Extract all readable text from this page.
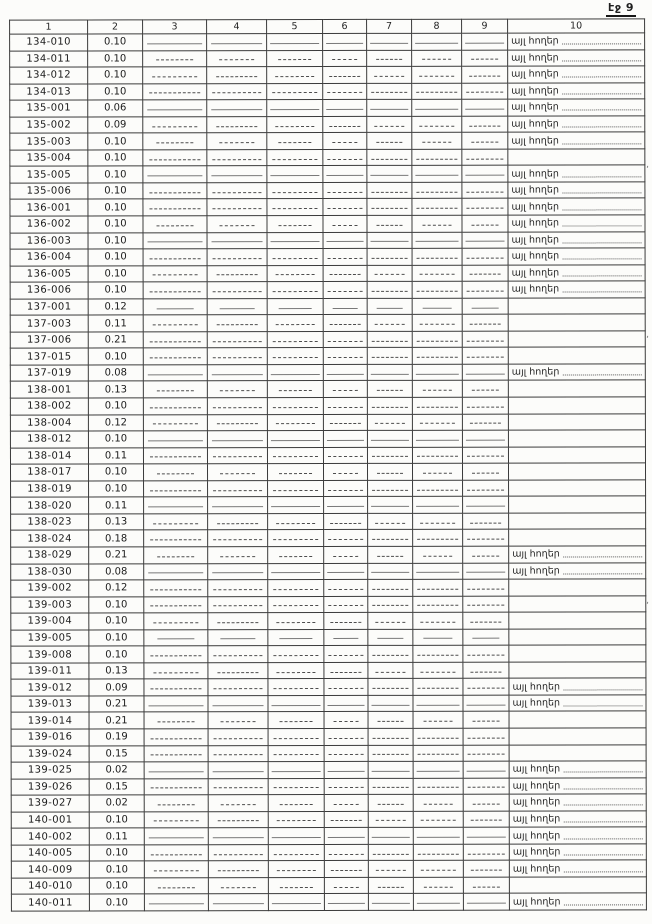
էջ 9
1	2	3	4	5	6	7	8	9	10
134-010	0.10								այլ հողեր

134-011	0.10								այլ հողեր

134-012	0.10								այլ հողեր

134-013	0.10								այլ հողեր

135-001	0.06								այլ հողեր

135-002	0.09								այլ հողեր

135-003	0.10								այլ հողեր

135-004	0.10								
135-005	0.10								այլ հողեր

135-006	0.10								այլ հողեր

136-001	0.10								այլ հողեր

136-002	0.10								այլ հողեր

136-003	0.10								այլ հողեր

136-004	0.10								այլ հողեր

136-005	0.10								այլ հողեր

136-006	0.10								այլ հողեր

137-001	0.12								
137-003	0.11								
137-006	0.21								
137-015	0.10								
137-019	0.08								այլ հողեր

138-001	0.13								
138-002	0.10								
138-004	0.12								
138-012	0.10								
138-014	0.11								
138-017	0.10								
138-019	0.10								
138-020	0.11								
138-023	0.13								
138-024	0.18								
138-029	0.21								այլ հողեր

138-030	0.08								այլ հողեր

139-002	0.12								
139-003	0.10								
139-004	0.10								
139-005	0.10								
139-008	0.10								
139-011	0.13								
139-012	0.09								այլ հողեր

139-013	0.21								այլ հողեր

139-014	0.21								
139-016	0.19								
139-024	0.15								
139-025	0.02								այլ հողեր

139-026	0.15								այլ հողեր

139-027	0.02								այլ հողեր

140-001	0.10								այլ հողեր

140-002	0.11								այլ հողեր

140-005	0.10								այլ հողեր

140-009	0.10								այլ հողեր

140-010	0.10								
140-011	0.10								այլ հողեր
,
,
,
